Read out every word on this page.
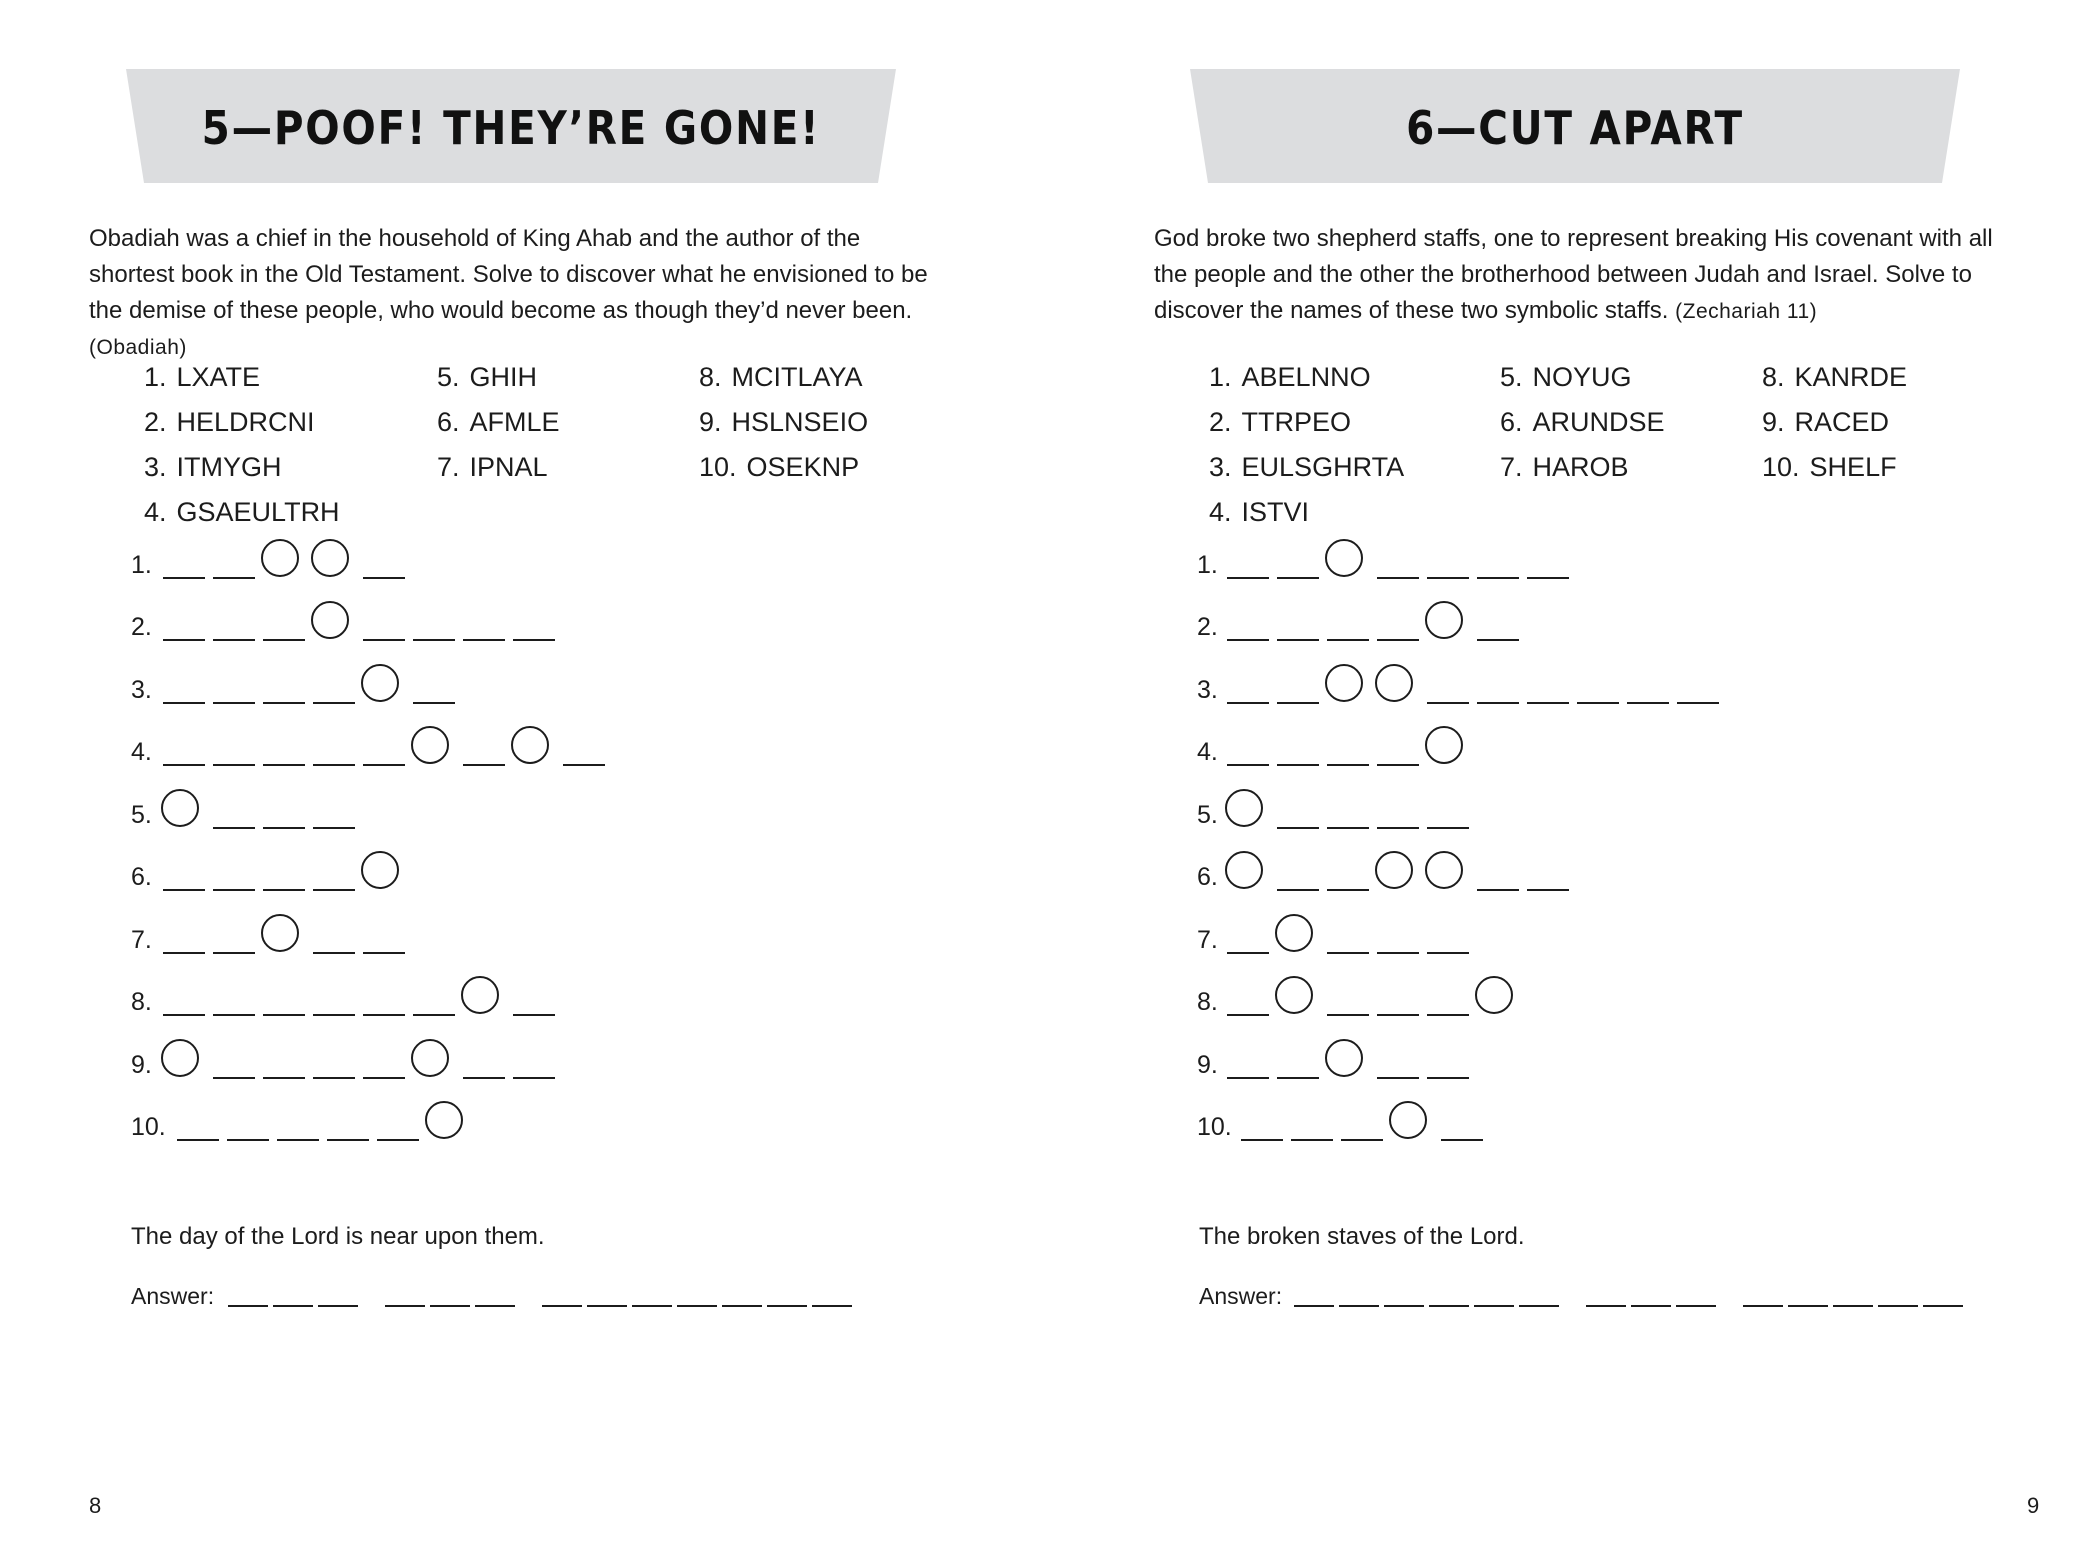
5—POOF! THEY’RE GONE!
Obadiah was a chief in the household of King Ahab and the author of the shortest book in the Old Testament. Solve to discover what he envisioned to be the demise of these people, who would become as though they’d never been. (Obadiah)
1. LXATE
2. HELDRCNI
3. ITMYGH
4. GSAEULTRH
5. GHIH
6. AFMLE
7. IPNAL
8. MCITLAYA
9. HSLNSEIO
10. OSEKNP
1.
2.
3.
4.
5.
6.
7.
8.
9.
10.
The day of the Lord is near upon them.
Answer:
8
6—CUT APART
God broke two shepherd staffs, one to represent breaking His covenant with all the people and the other the brotherhood between Judah and Israel. Solve to discover the names of these two symbolic staffs. (Zechariah 11)
1. ABELNNO
2. TTRPEO
3. EULSGHRTA
4. ISTVI
5. NOYUG
6. ARUNDSE
7. HAROB
8. KANRDE
9. RACED
10. SHELF
1.
2.
3.
4.
5.
6.
7.
8.
9.
10.
The broken staves of the Lord.
Answer:
9
